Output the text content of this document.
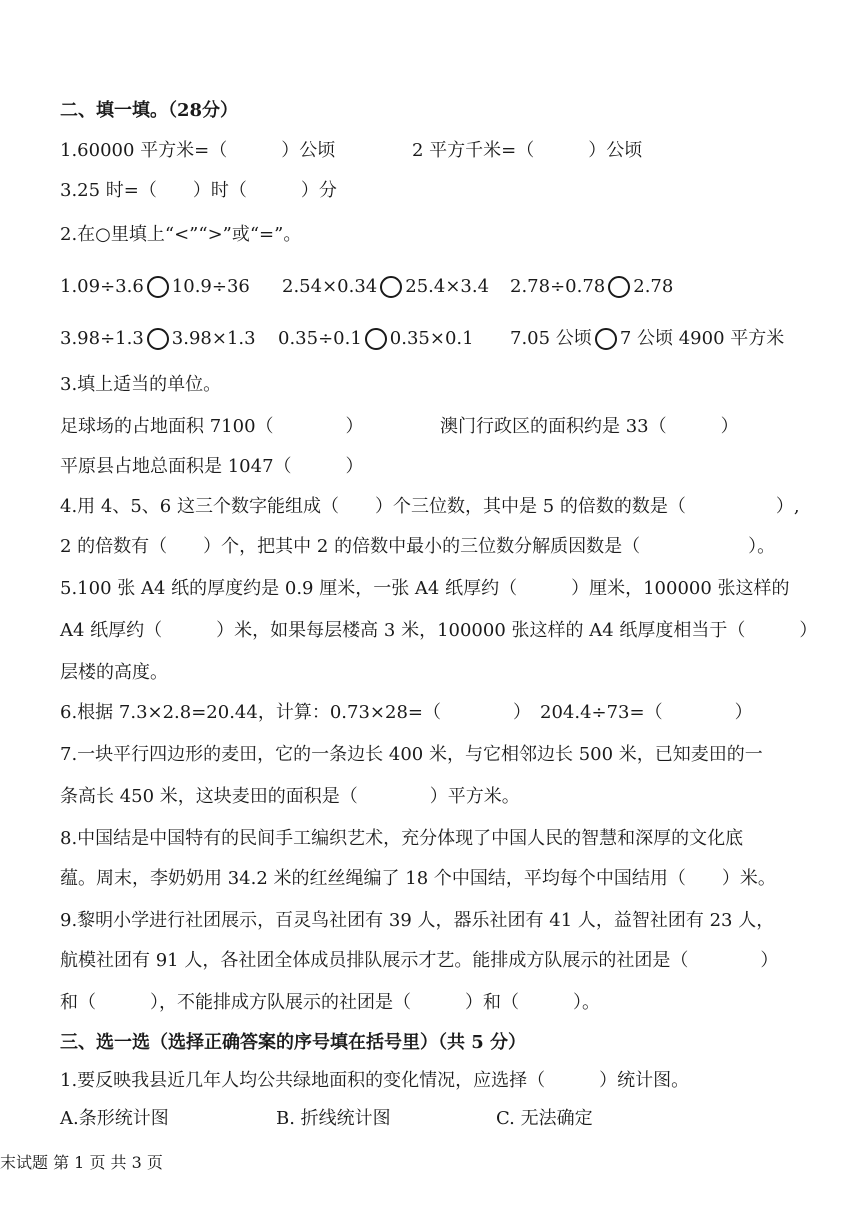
二、填一填。（28分）
1.60000 平方米=（　　　）公顷	2 平方千米=（　　　）公顷
3.25 时=（　　）时（　　　）分
2.在○里填上“<”“>”或“=”。
1.09÷3.6 10.9÷36 2.54×0.34 25.4×3.4 2.78÷0.78 2.78
3.98÷1.3 3.98×1.3 0.35÷0.1 0.35×0.1 7.05 公顷 7 公顷 4900 平方米
3.填上适当的单位。
足球场的占地面积 7100（　　　　）	澳门行政区的面积约是 33（　　　）
平原县占地总面积是 1047（　　　）
4.用 4、5、6 这三个数字能组成（　　）个三位数，其中是 5 的倍数的数是（　　　　　）,
2 的倍数有（　　）个，把其中 2 的倍数中最小的三位数分解质因数是（　　　　　　）。
5.100 张 A4 纸的厚度约是 0.9 厘米，一张 A4 纸厚约（　　　）厘米，100000 张这样的
A4 纸厚约（　　　）米，如果每层楼高 3 米，100000 张这样的 A4 纸厚度相当于（　　　）
层楼的高度。
6.根据 7.3×2.8=20.44，计算：0.73×28=（　　　　）　204.4÷73=（　　　　）
7.一块平行四边形的麦田，它的一条边长 400 米，与它相邻边长 500 米，已知麦田的一
条高长 450 米，这块麦田的面积是（　　　　）平方米。
8.中国结是中国特有的民间手工编织艺术，充分体现了中国人民的智慧和深厚的文化底
蕴。周末，李奶奶用 34.2 米的红丝绳编了 18 个中国结，平均每个中国结用（　　）米。
9.黎明小学进行社团展示，百灵鸟社团有 39 人，器乐社团有 41 人，益智社团有 23 人，
航模社团有 91 人，各社团全体成员排队展示才艺。能排成方队展示的社团是（　　　　）
和（　　　），不能排成方队展示的社团是（　　　）和（　　　）。
三、选一选（选择正确答案的序号填在括号里）（共 5 分）
1.要反映我县近几年人均公共绿地面积的变化情况，应选择（　　　）统计图。
A.条形统计图	B. 折线统计图	C. 无法确定
末试题 第 1 页 共 3 页
